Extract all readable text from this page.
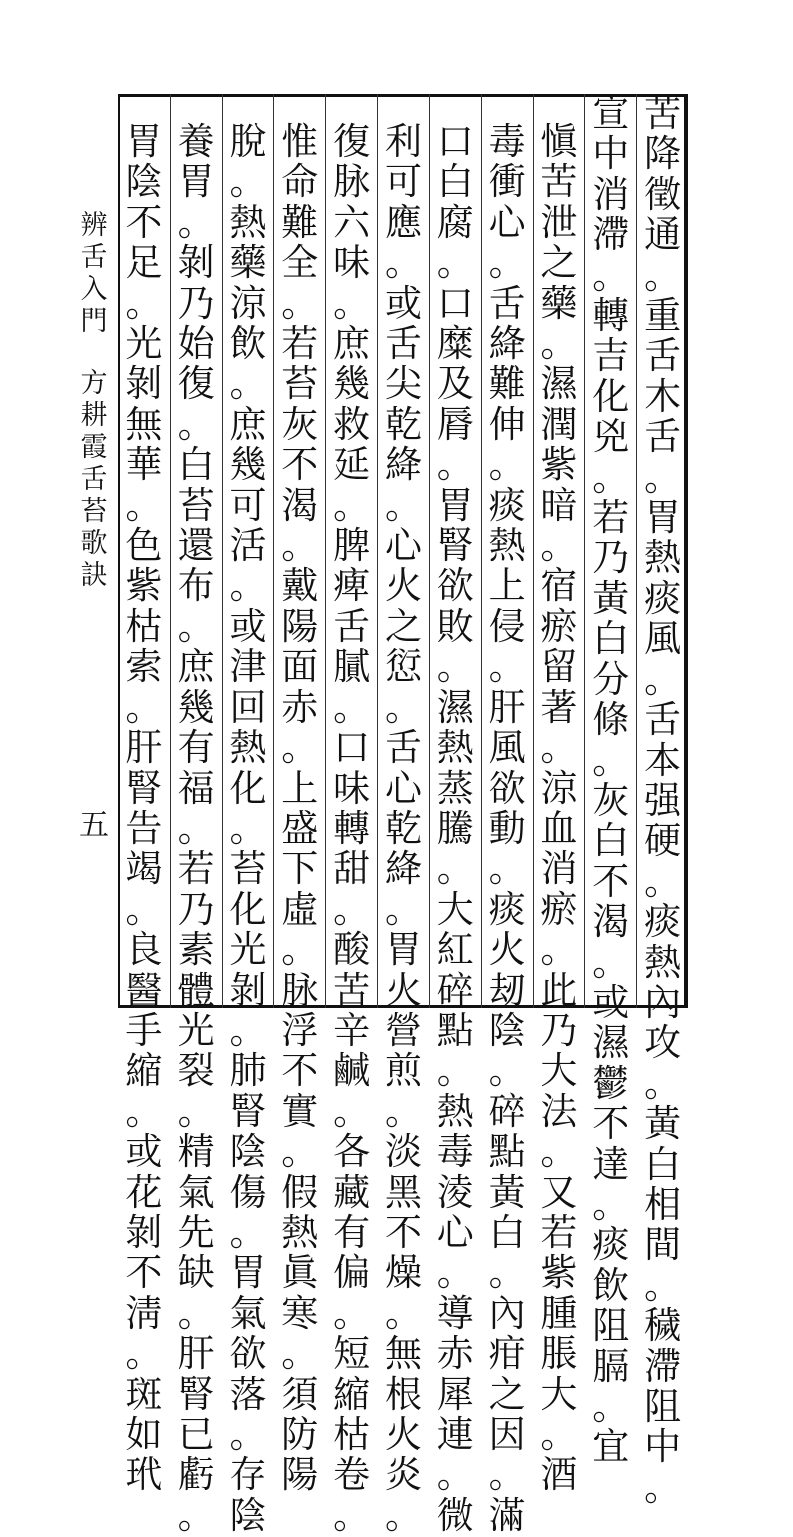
苦
降
徵
通
。
重
舌
木
舌
。
胃
熱
痰
風
。
舌
本
强
硬
。
痰
熱
內
攻
。
黃
白
相
間
。
穢
滯
阻
中
。
宣
中
消
滯
。
轉
吉
化
兇
。
若
乃
黃
白
分
條
。
灰
白
不
渴
。
或
濕
鬱
不
達
。
痰
飲
阻
膈
。
宜
愼
苦
泄
之
藥
。
濕
潤
紫
暗
。
宿
瘀
留
著
。
涼
血
消
瘀
。
此
乃
大
法
。
又
若
紫
腫
脹
大
。
酒
毒
衝
心
。
舌
絳
難
伸
。
痰
熱
上
侵
。
肝
風
欲
動
。
痰
火
刼
陰
。
碎
點
黃
白
。
內
疳
之
因
。
滿
口
白
腐
。
口
糜
及
脣
。
胃
腎
欲
敗
。
濕
熱
蒸
騰
。
大
紅
碎
點
。
熱
毒
淩
心
。
導
赤
犀
連
。
微
利
可
應
。
或
舌
尖
乾
絳
。
心
火
之
愆
。
舌
心
乾
絳
。
胃
火
營
煎
。
淡
黑
不
燥
。
無
根
火
炎
。
復
脉
六
味
。
庶
幾
救
延
。
脾
痺
舌
膩
。
口
味
轉
甜
。
酸
苦
辛
鹹
。
各
藏
有
偏
。
短
縮
枯
卷
。
惟
命
難
全
。
若
苔
灰
不
渴
。
戴
陽
面
赤
。
上
盛
下
虛
。
脉
浮
不
實
。
假
熱
眞
寒
。
須
防
陽
脫
。
熱
藥
涼
飲
。
庶
幾
可
活
。
或
津
回
熱
化
。
苔
化
光
剝
。
肺
腎
陰
傷
。
胃
氣
欲
落
。
存
陰
養
胃
。
剝
乃
始
復
。
白
苔
還
布
。
庶
幾
有
福
。
若
乃
素
體
光
裂
。
精
氣
先
缺
。
肝
腎
已
虧
。
胃
陰
不
足
。
光
剝
無
華
。
色
紫
枯
索
。
肝
腎
告
竭
。
良
醫
手
縮
。
或
花
剝
不
淸
。
斑
如
玳
辨
舌
入
門
方
耕
霞
舌
苔
歌
訣
五
